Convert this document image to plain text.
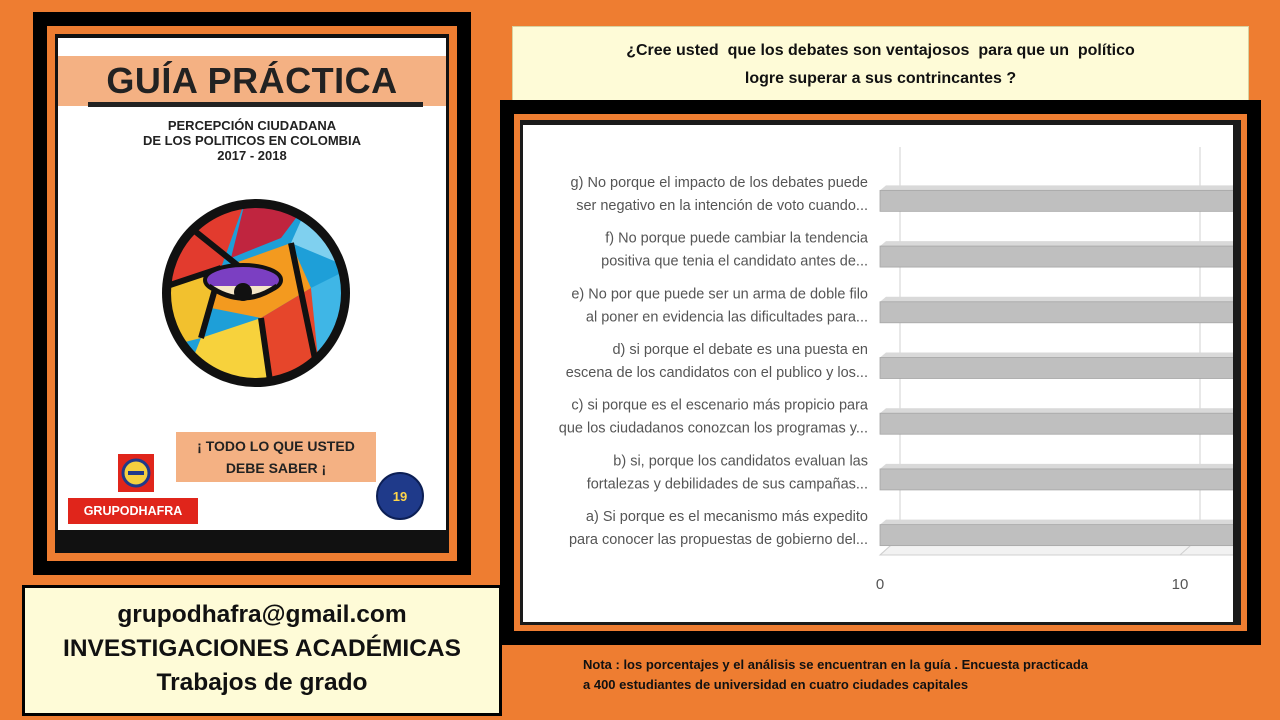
GUÍA PRÁCTICA
PERCEPCIÓN CIUDADANA
DE LOS POLITICOS EN COLOMBIA
2017 - 2018
¡ TODO LO QUE USTED
DEBE SABER ¡
19
GRUPODHAFRA
grupodhafra@gmail.com
INVESTIGACIONES ACADÉMICAS
Trabajos de grado
¿Cree usted  que los debates son ventajosos  para que un  político
logre superar a sus contrincantes ?
0	10
g) No porque el impacto de los debates puede
ser negativo en la intención de voto cuando...
f) No porque puede cambiar la tendencia
positiva que tenia el candidato antes de...
e) No por que puede ser un arma de doble filo
al poner en evidencia las dificultades para...
d) si porque el debate es una puesta en
escena de los candidatos con el publico y los...
c) si porque es el escenario más propicio para
que los ciudadanos conozcan los programas y...
b) si, porque los candidatos evaluan las
fortalezas y debilidades de sus campañas...
a) Si porque es el mecanismo más expedito
para conocer las propuestas de gobierno del...
Nota : los porcentajes y el análisis se encuentran en la guía . Encuesta practicada
a 400 estudiantes de universidad en cuatro ciudades capitales
